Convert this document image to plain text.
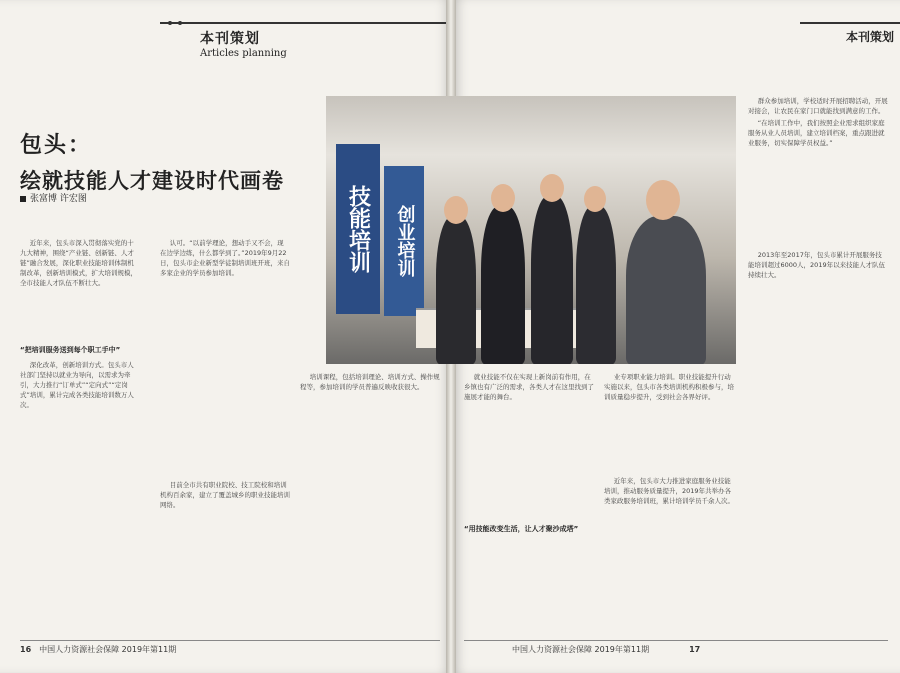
本刊策划
Articles planning
包头：
绘就技能人才建设时代画卷
张富博 许宏图

近年来，包头市深入贯彻落实党的十九大精神，围绕“产业链、创新链、人才链”融合发展，深化职业技能培训体制机制改革，创新培训模式，扩大培训规模，全市技能人才队伍不断壮大。

“把培训服务送到每个职工手中”

深化改革，创新培训方式。包头市人社部门坚持以就业为导向，以需求为牵引，大力推行“订单式”“定向式”“定岗式”培训，累计完成各类技能培训数万人次。

认可。“以前学理论，想动手又不会，现在边学边练，什么都学到了。”2019年9月22日，包头市企业新型学徒制培训班开班，来自多家企业的学员参加培训。

目前全市共有职业院校、技工院校和培训机构百余家，建立了覆盖城乡的职业技能培训网络。

培训课程，包括培训理论、培训方式、操作规程等，参加培训的学员普遍反映收获很大。

16 中国人力资源社会保障 2019年第11期
本刊策划

就业技能不仅在实现上新岗前有作用，在乡镇也有广泛的需求，各类人才在这里找到了施展才能的舞台。

业专项职业能力培训。职业技能提升行动实施以来，包头市各类培训机构积极参与，培训质量稳步提升，受到社会各界好评。

“用技能改变生活，让人才聚沙成塔”

近年来，包头市大力推进家庭服务业技能培训，推动服务质量提升，2019年共举办各类家政服务培训班，累计培训学员千余人次。

群众参加培训，学校适时开展招聘活动，开展对接会，让农民在家门口就能找到满意的工作。

“在培训工作中，我们按照企业需求组织家庭服务从业人员培训，建立培训档案，重点跟进就业服务，切实保障学员权益。”

2013年至2017年，包头市累计开展服务技能培训超过6000人，2019年以来技能人才队伍持续壮大。

中国人力资源社会保障 2019年第11期	17
技能培训 创业培训
